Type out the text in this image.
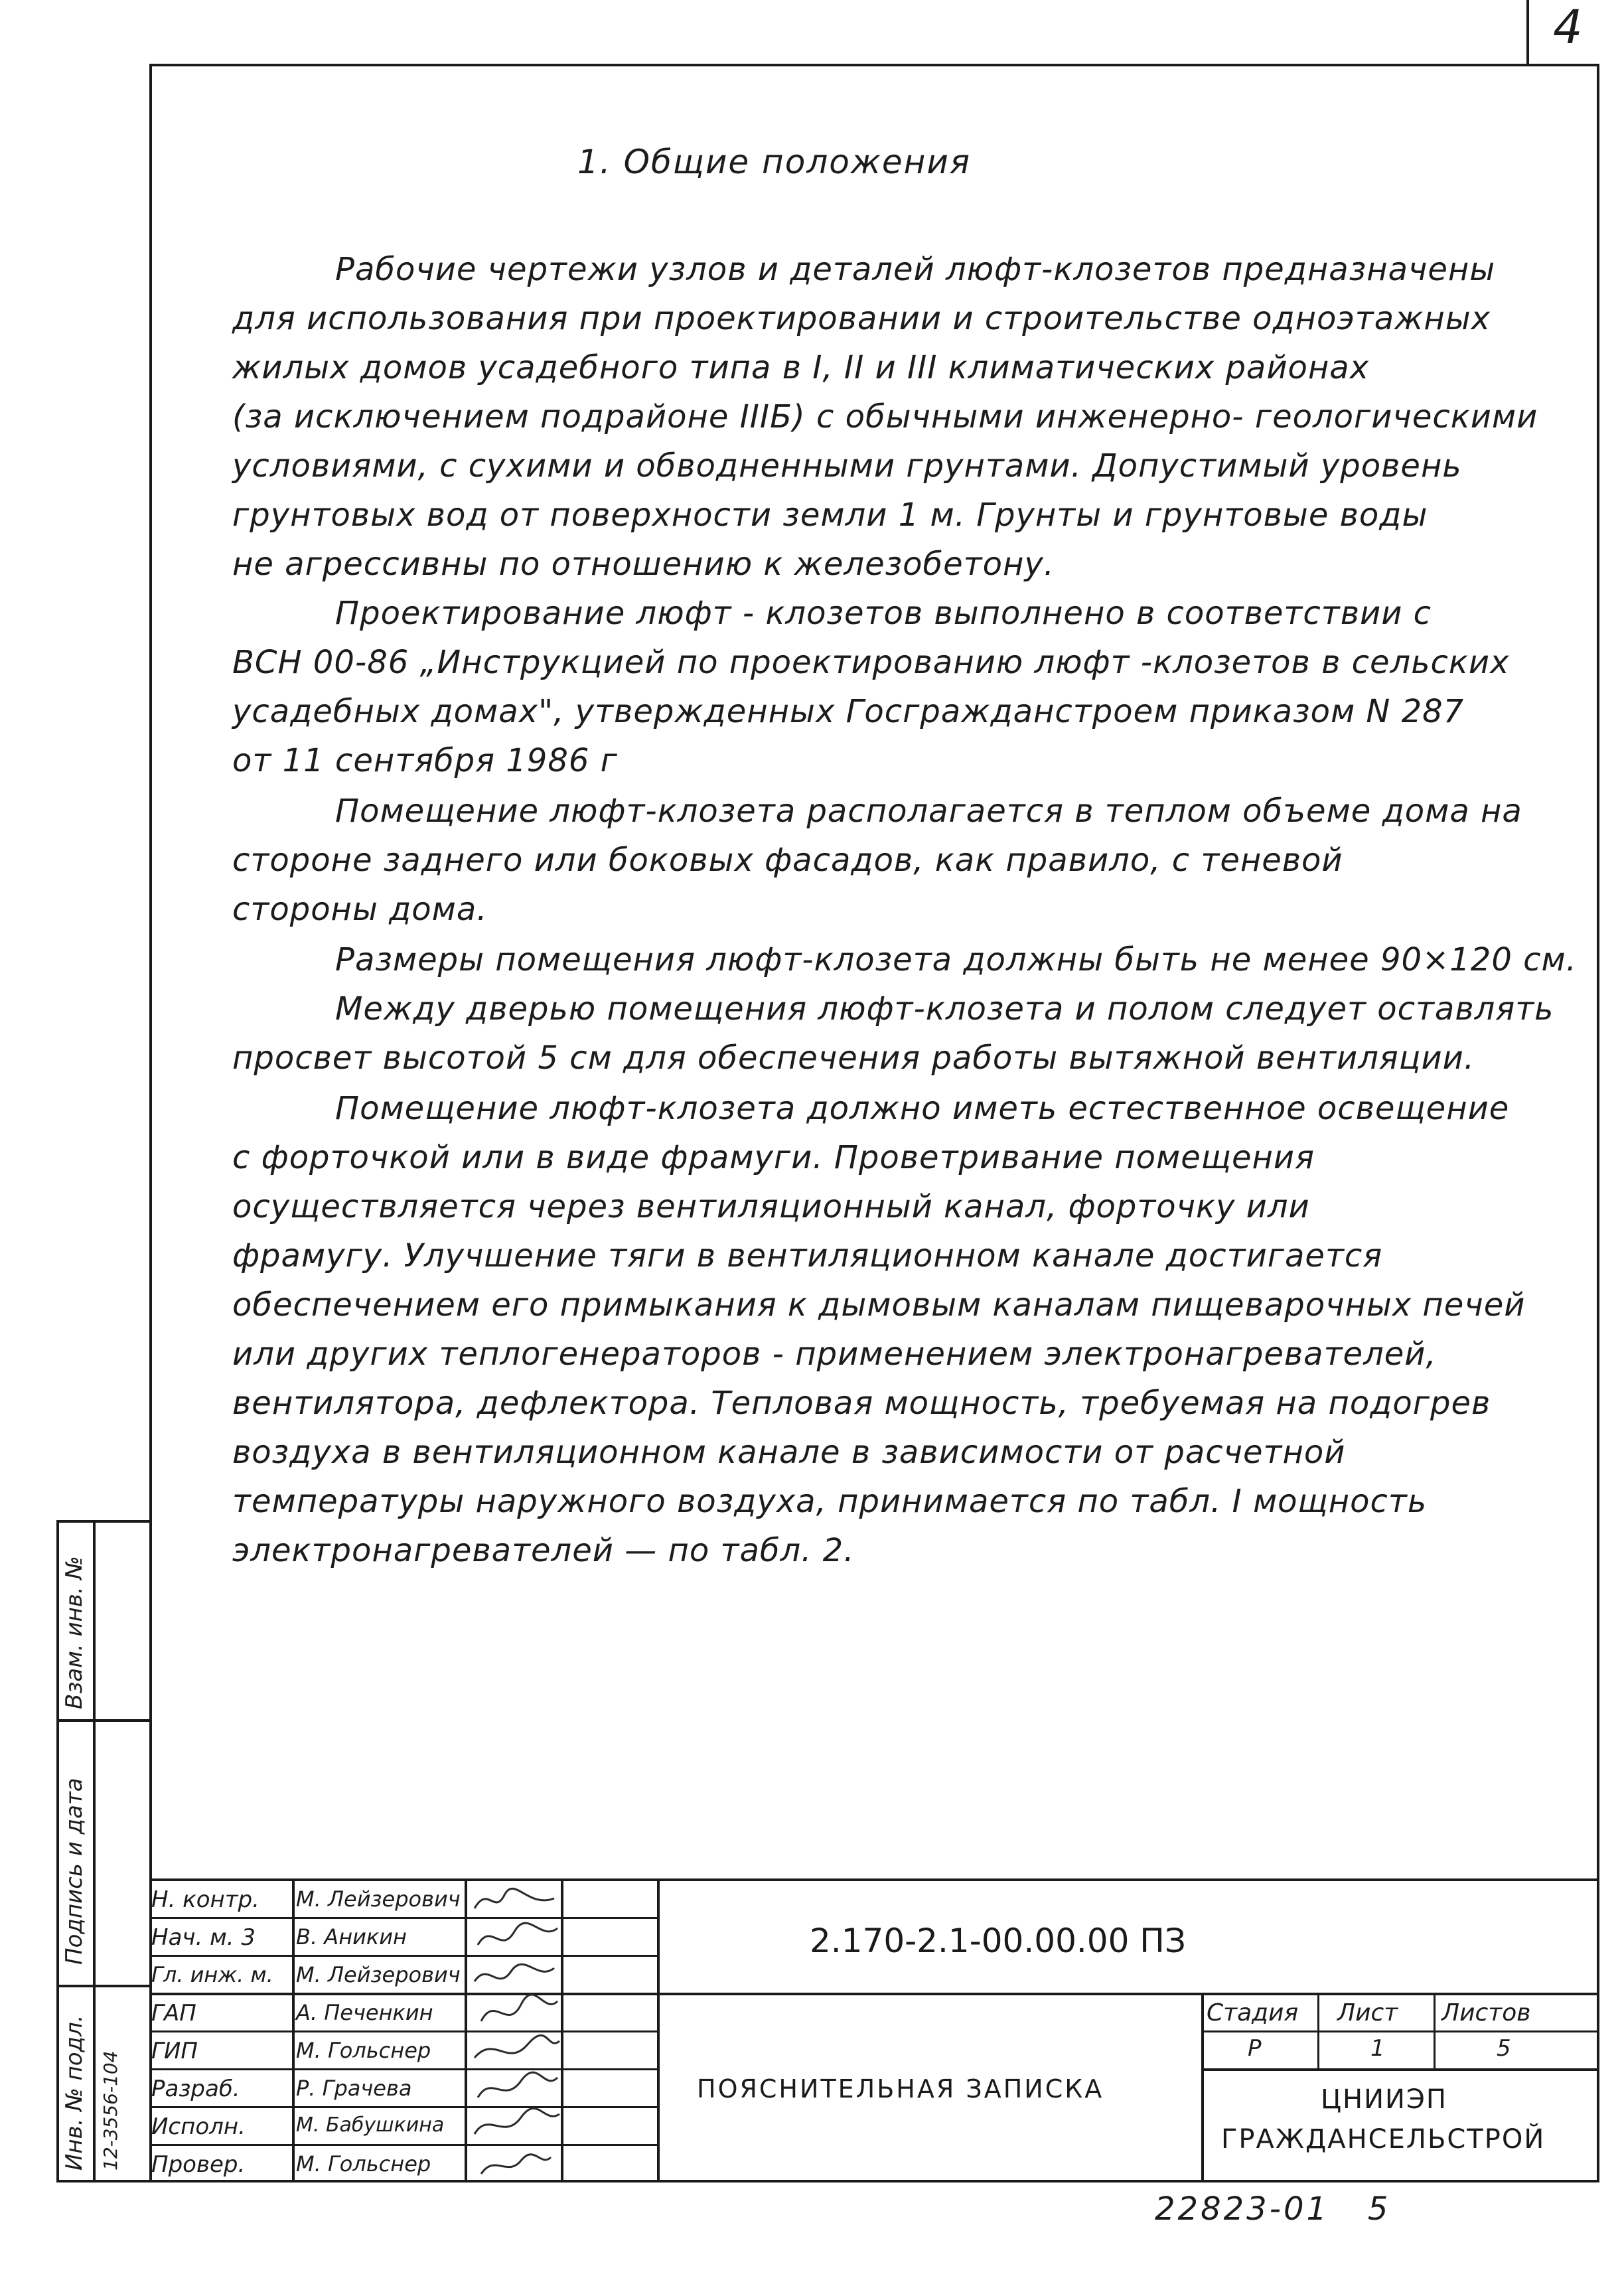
4
1. Общие положения
Рабочие чертежи узлов и деталей люфт-клозетов предназначены
для использования при проектировании и строительстве одноэтажных
жилых домов усадебного типа в I, II и III климатических районах
(за исключением подрайоне IIIБ) с обычными инженерно- геологическими
условиями, с сухими и обводненными грунтами. Допустимый уровень
грунтовых вод от поверхности земли 1 м. Грунты и грунтовые воды
не агрессивны по отношению к железобетону.
Проектирование люфт - клозетов выполнено в соответствии с
ВСН 00-86 „Инструкцией по проектированию люфт -клозетов в сельских
усадебных домах", утвержденных Госгражданстроем приказом N 287
от 11 сентября 1986 г
Помещение люфт-клозета располагается в теплом объеме дома на
стороне заднего или боковых фасадов, как правило, с теневой
стороны дома.
Размеры помещения люфт-клозета должны быть не менее 90×120 см.
Между дверью помещения люфт-клозета и полом следует оставлять
просвет высотой 5 см для обеспечения работы вытяжной вентиляции.
Помещение люфт-клозета должно иметь естественное освещение
с форточкой или в виде фрамуги. Проветривание помещения
осуществляется через вентиляционный канал, форточку или
фрамугу. Улучшение тяги в вентиляционном канале достигается
обеспечением его примыкания к дымовым каналам пищеварочных печей
или других теплогенераторов - применением электронагревателей,
вентилятора, дефлектора. Тепловая мощность, требуемая на подогрев
воздуха в вентиляционном канале в зависимости от расчетной
температуры наружного воздуха, принимается по табл. I мощность
электронагревателей — по табл. 2.
Взам. инв. №
Подпись и дата
Инв. № подл. 12-3556-104
Н. контр. М. Лейзерович
Нач. м. 3 В. Аникин
Гл. инж. м. М. Лейзерович
ГАП	А. Печенкин
ГИП	М. Гольснер
Разраб.	Р. Грачева
Исполн.	М. Бабушкина
Провер. М. Гольснер
2.170-2.1-00.00.00 ПЗ
ПОЯСНИТЕЛЬНАЯ ЗАПИСКА
Стадия Лист Листов
Р	1	5
ЦНИИЭП
ГРАЖДАНСЕЛЬСТРОЙ
22823-01   5
